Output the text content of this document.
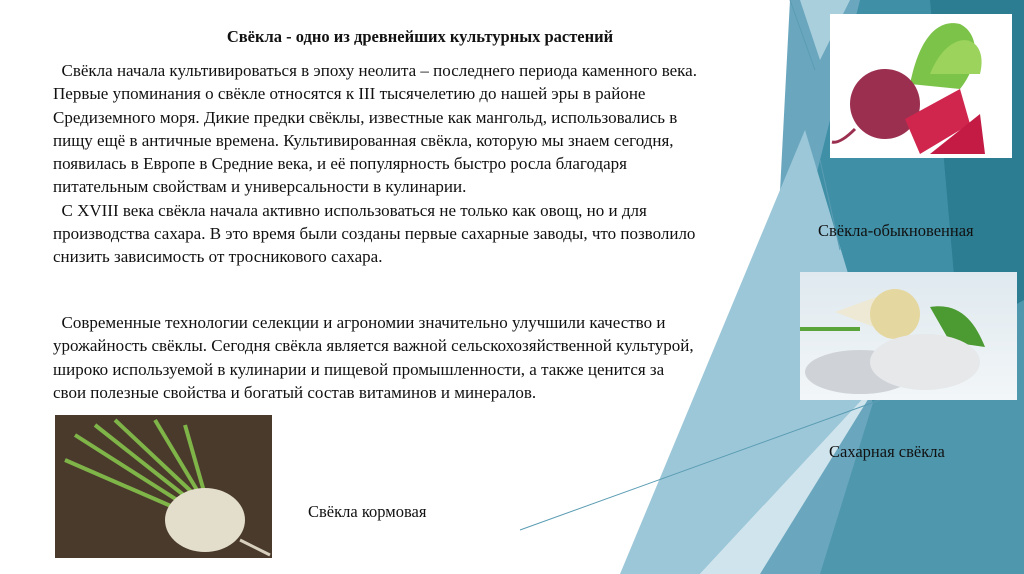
Свёкла - одно из древнейших культурных растений
Свёкла начала культивироваться в эпоху неолита – последнего периода каменного века.
Первые упоминания о свёкле относятся к III тысячелетию до нашей эры в районе
Средиземного моря. Дикие предки свёклы, известные как мангольд, использовались в
пищу ещё в античные времена. Культивированная свёкла, которую мы знаем сегодня,
появилась в Европе в Средние века, и её популярность быстро росла благодаря
питательным свойствам и универсальности в кулинарии.
С XVIII века свёкла начала активно использоваться не только как овощ, но и для
производства сахара. В это время были созданы первые сахарные заводы, что позволило
снизить зависимость от тросникового сахара.
Современные технологии селекции и агрономии значительно улучшили качество и
урожайность свёклы. Сегодня свёкла является важной сельскохозяйственной культурой,
широко используемой в кулинарии и пищевой промышленности, а также ценится за
свои полезные свойства и богатый состав витаминов и минералов.
Свёкла-обыкновенная
Сахарная свёкла
Свёкла кормовая
